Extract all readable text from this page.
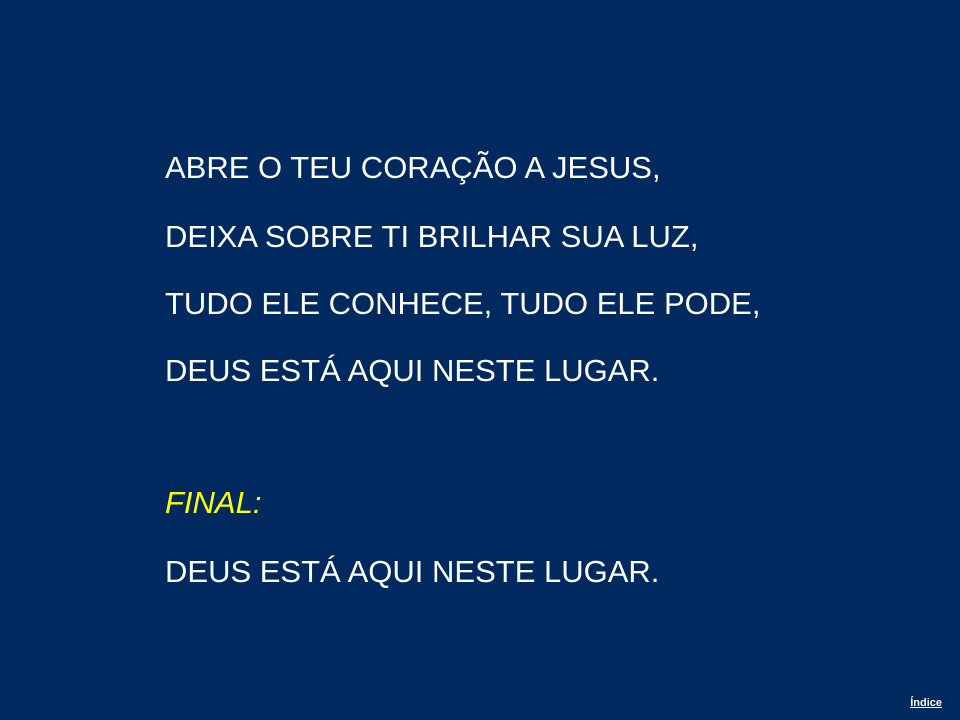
ABRE O TEU CORAÇÃO A JESUS,

DEIXA SOBRE TI BRILHAR SUA LUZ,

TUDO ELE CONHECE, TUDO ELE PODE,

DEUS ESTÁ AQUI NESTE LUGAR.

FINAL:

DEUS ESTÁ AQUI NESTE LUGAR.

Índice
